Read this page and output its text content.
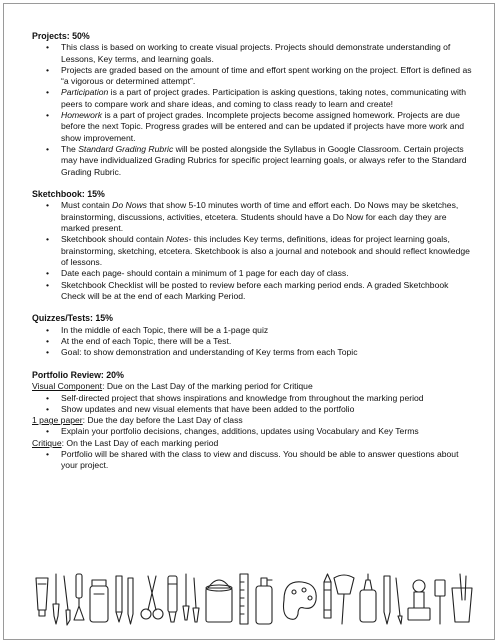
Projects: 50%
• This class is based on working to create visual projects. Projects should demonstrate understanding of Lessons, Key terms, and learning goals.
• Projects are graded based on the amount of time and effort spent working on the project. Effort is defined as “a vigorous or determined attempt”.
• Participation is a part of project grades. Participation is asking questions, taking notes, communicating with peers to compare work and share ideas, and coming to class ready to learn and create!
• Homework is a part of project grades. Incomplete projects become assigned homework. Projects are due before the next Topic. Progress grades will be entered and can be updated if projects have more work and show improvement.
• The Standard Grading Rubric will be posted alongside the Syllabus in Google Classroom. Certain projects may have individualized Grading Rubrics for specific project learning goals, or always refer to the Standard Grading Rubric.
Sketchbook: 15%
• Must contain Do Nows that show 5-10 minutes worth of time and effort each. Do Nows may be sketches, brainstorming, discussions, activities, etcetera. Students should have a Do Now for each day they are marked present.
• Sketchbook should contain Notes- this includes Key terms, definitions, ideas for project learning goals, brainstorming, sketching, etcetera. Sketchbook is also a journal and notebook and should reflect knowledge of lessons.
• Date each page- should contain a minimum of 1 page for each day of class.
• Sketchbook Checklist will be posted to review before each marking period ends. A graded Sketchbook Check will be at the end of each Marking Period.
Quizzes/Tests: 15%
• In the middle of each Topic, there will be a 1-page quiz
• At the end of each Topic, there will be a Test.
• Goal: to show demonstration and understanding of Key terms from each Topic
Portfolio Review: 20%

Visual Component: Due on the Last Day of the marking period for Critique

• Self-directed project that shows inspirations and knowledge from throughout the marking period
• Show updates and new visual elements that have been added to the portfolio

1 page paper: Due the day before the Last Day of class

• Explain your portfolio decisions, changes, additions, updates using Vocabulary and Key Terms

Critique: On the Last Day of each marking period

• Portfolio will be shared with the class to view and discuss. You should be able to answer questions about your project.
